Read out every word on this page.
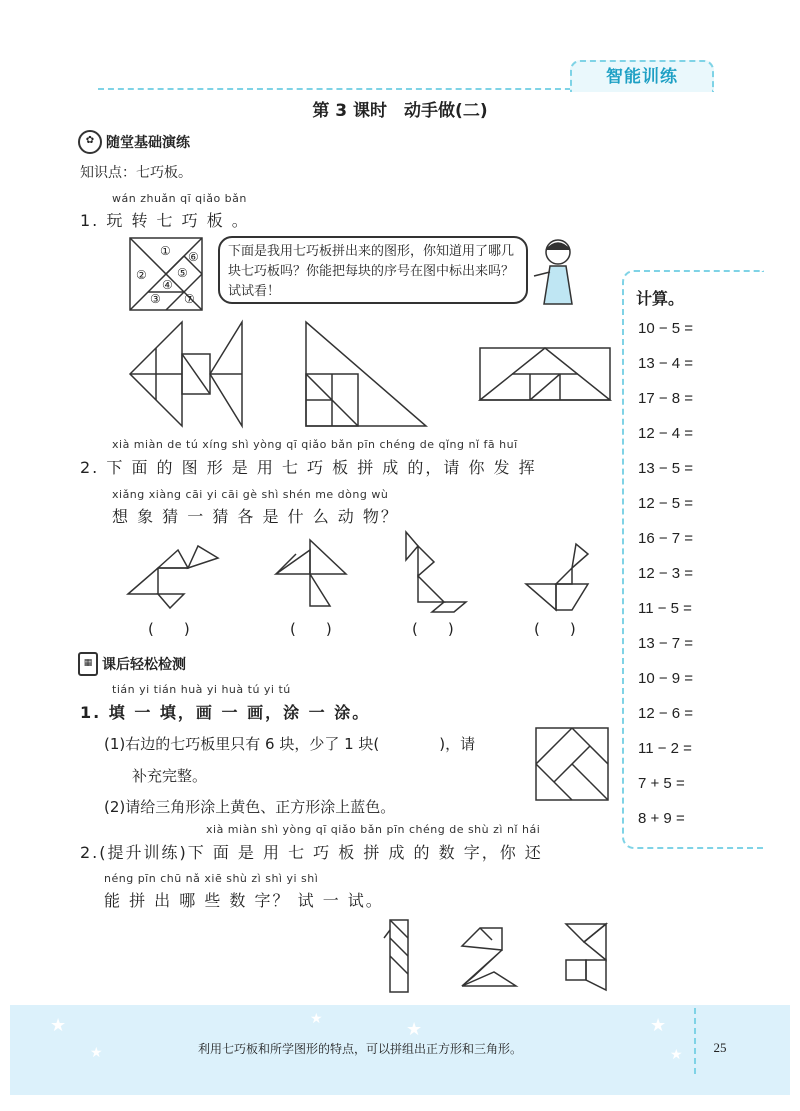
智能训练
第 3 课时　动手做(二)
✿ 随堂基础演练
知识点：七巧板。
wán zhuǎn qī qiǎo bǎn
1. 玩 转 七 巧 板 。
①
②
③
④
⑤
⑥
⑦
下面是我用七巧板拼出来的图形，你知道用了哪几块七巧板吗？你能把每块的序号在图中标出来吗？试试看！
xià miàn de tú xíng shì yòng qī qiǎo bǎn pīn chéng de qǐng nǐ fā huī
2. 下 面 的 图 形 是 用 七 巧 板 拼 成 的，请 你 发 挥
xiǎng xiàng cāi yi cāi gè shì shén me dòng wù
想 象 猜 一 猜 各 是 什 么 动 物？
(　　)	(　　)	(　　)	(　　)
▦ 课后轻松检测
tián yi tián huà yi huà tú yi tú
1. 填 一 填，画 一 画，涂 一 涂。
(1)右边的七巧板里只有 6 块，少了 1 块(　　　　)，请
补充完整。
(2)请给三角形涂上黄色、正方形涂上蓝色。
xià miàn shì yòng qī qiǎo bǎn pīn chéng de shù zì nǐ hái
2.(提升训练)下 面 是 用 七 巧 板 拼 成 的 数 字，你 还
néng pīn chū nǎ xiē shù zì shì yi shì
能 拼 出 哪 些 数 字？ 试 一 试。
计算。
10 − 5 =
13 − 4 =
17 − 8 =
12 − 4 =
13 − 5 =
12 − 5 =
16 − 7 =
12 − 3 =
11 − 5 =
13 − 7 =
10 − 9 =
12 − 6 =
11 − 2 =
7 + 5 =
8 + 9 =
★
★
★	★	★
★
利用七巧板和所学图形的特点，可以拼组出正方形和三角形。	25
